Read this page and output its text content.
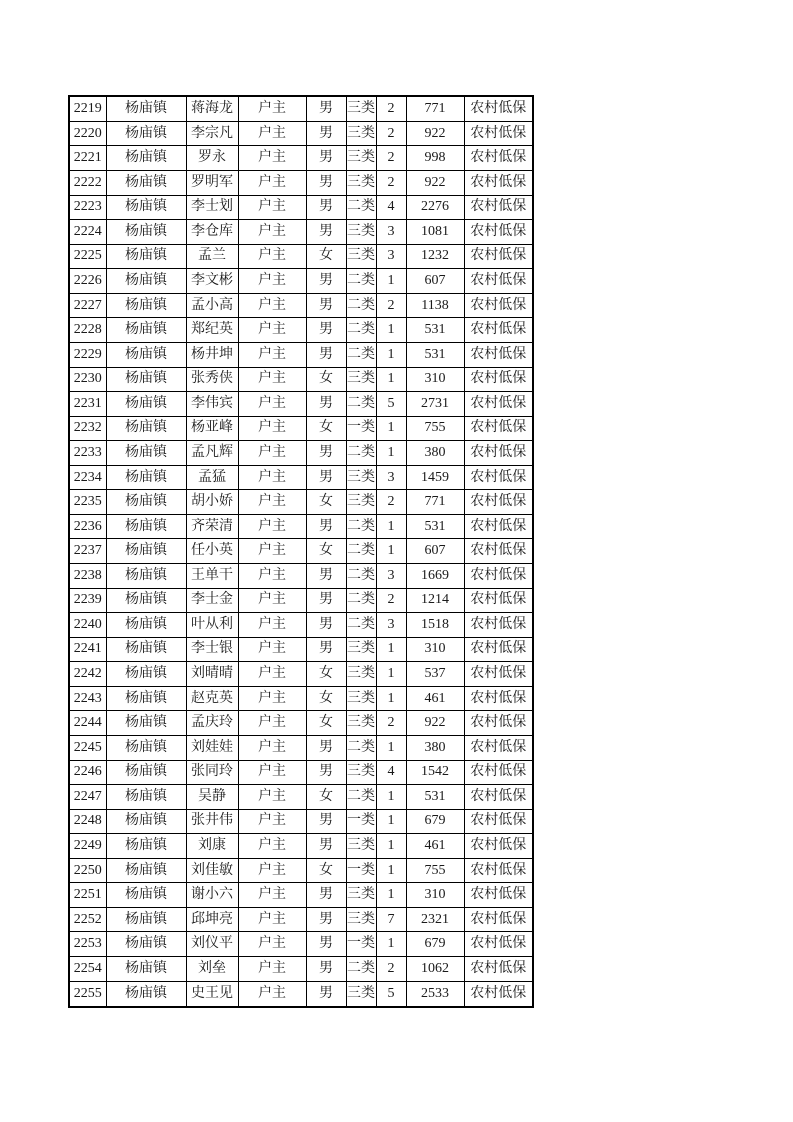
2219	杨庙镇	蒋海龙	户主	男	三类	2	771	农村低保
2220	杨庙镇	李宗凡	户主	男	三类	2	922	农村低保
2221	杨庙镇	罗永	户主	男	三类	2	998	农村低保
2222	杨庙镇	罗明军	户主	男	三类	2	922	农村低保
2223	杨庙镇	李士划	户主	男	二类	4	2276	农村低保
2224	杨庙镇	李仓库	户主	男	三类	3	1081	农村低保
2225	杨庙镇	孟兰	户主	女	三类	3	1232	农村低保
2226	杨庙镇	李文彬	户主	男	二类	1	607	农村低保
2227	杨庙镇	孟小高	户主	男	二类	2	1138	农村低保
2228	杨庙镇	郑纪英	户主	男	二类	1	531	农村低保
2229	杨庙镇	杨井坤	户主	男	二类	1	531	农村低保
2230	杨庙镇	张秀侠	户主	女	三类	1	310	农村低保
2231	杨庙镇	李伟宾	户主	男	二类	5	2731	农村低保
2232	杨庙镇	杨亚峰	户主	女	一类	1	755	农村低保
2233	杨庙镇	孟凡辉	户主	男	二类	1	380	农村低保
2234	杨庙镇	孟猛	户主	男	三类	3	1459	农村低保
2235	杨庙镇	胡小娇	户主	女	三类	2	771	农村低保
2236	杨庙镇	齐荣清	户主	男	二类	1	531	农村低保
2237	杨庙镇	任小英	户主	女	二类	1	607	农村低保
2238	杨庙镇	王单干	户主	男	二类	3	1669	农村低保
2239	杨庙镇	李士金	户主	男	二类	2	1214	农村低保
2240	杨庙镇	叶从利	户主	男	二类	3	1518	农村低保
2241	杨庙镇	李士银	户主	男	三类	1	310	农村低保
2242	杨庙镇	刘晴晴	户主	女	三类	1	537	农村低保
2243	杨庙镇	赵克英	户主	女	三类	1	461	农村低保
2244	杨庙镇	孟庆玲	户主	女	三类	2	922	农村低保
2245	杨庙镇	刘娃娃	户主	男	二类	1	380	农村低保
2246	杨庙镇	张同玲	户主	男	三类	4	1542	农村低保
2247	杨庙镇	吴静	户主	女	二类	1	531	农村低保
2248	杨庙镇	张井伟	户主	男	一类	1	679	农村低保
2249	杨庙镇	刘康	户主	男	三类	1	461	农村低保
2250	杨庙镇	刘佳敏	户主	女	一类	1	755	农村低保
2251	杨庙镇	谢小六	户主	男	三类	1	310	农村低保
2252	杨庙镇	邱坤亮	户主	男	三类	7	2321	农村低保
2253	杨庙镇	刘仪平	户主	男	一类	1	679	农村低保
2254	杨庙镇	刘垒	户主	男	二类	2	1062	农村低保
2255	杨庙镇	史王见	户主	男	三类	5	2533	农村低保
